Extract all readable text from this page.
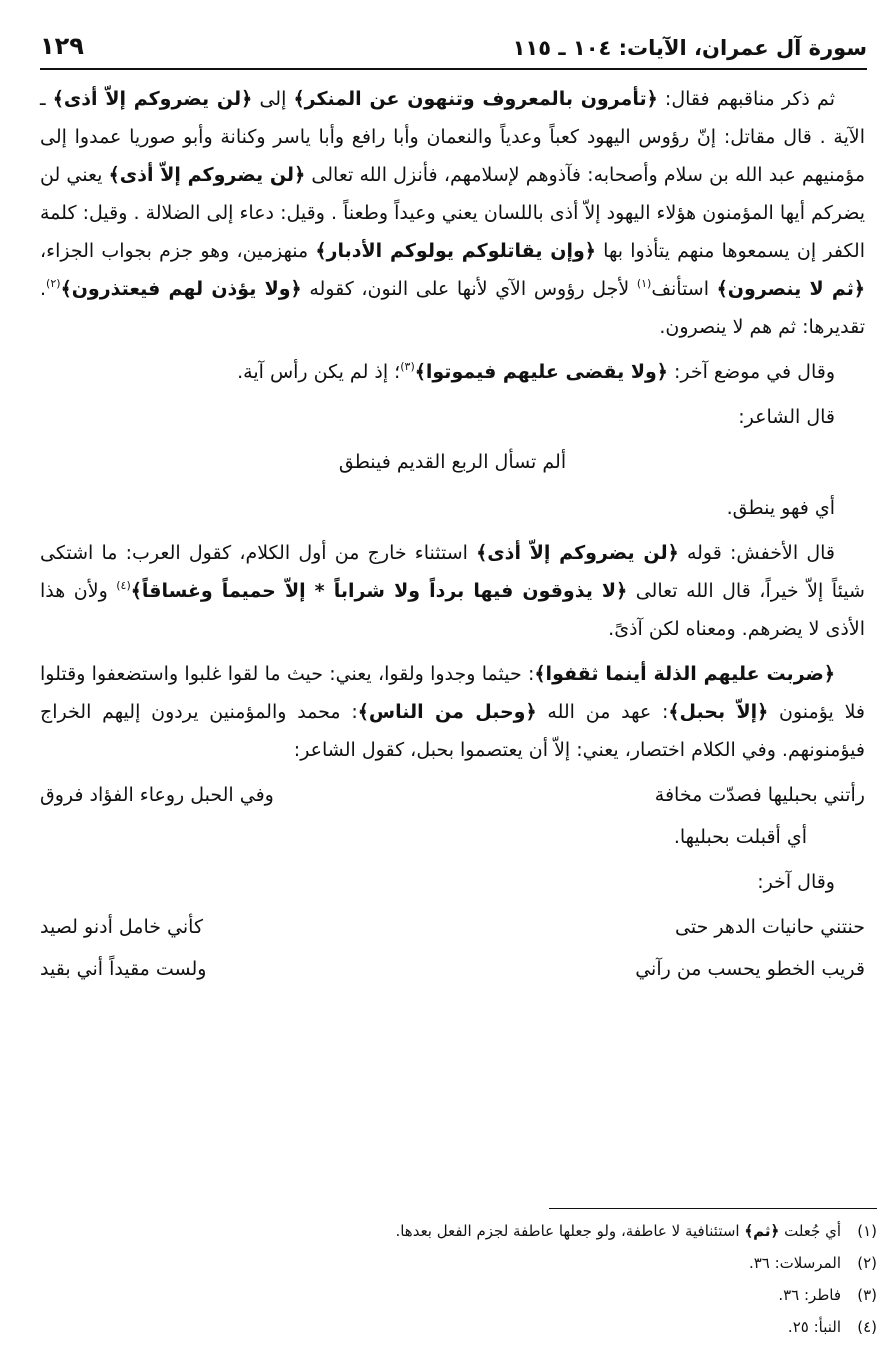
سورة آل عمران، الآيات: ١٠٤ ـ ١١٥
١٢٩

ثم ذكر مناقبهم فقال: ﴿تأمرون بالمعروف وتنهون عن المنكر﴾ إلى ﴿لن يضروكم إلاّ أذى﴾ ـ الآية . قال مقاتل: إنّ رؤوس اليهود كعباً وعدياً والنعمان وأبا رافع وأبا ياسر وكنانة وأبو صوريا عمدوا إلى مؤمنيهم عبد الله بن سلام وأصحابه: فآذوهم لإسلامهم، فأنزل الله تعالى ﴿لن يضروكم إلاّ أذى﴾ يعني لن يضركم أيها المؤمنون هؤلاء اليهود إلاّ أذى باللسان يعني وعيداً وطعناً . وقيل: دعاء إلى الضلالة . وقيل: كلمة الكفر إن يسمعوها منهم يتأذوا بها ﴿وإن يقاتلوكم يولوكم الأدبار﴾ منهزمين، وهو جزم بجواب الجزاء، ﴿ثم لا ينصرون﴾ استأنف$^{(١)}$ لأجل رؤوس الآي لأنها على النون، كقوله ﴿ولا يؤذن لهم فيعتذرون﴾$^{(٢)}$. تقديرها: ثم هم لا ينصرون.

وقال في موضع آخر: ﴿ولا يقضى عليهم فيموتوا﴾$^{(٣)}$؛ إذ لم يكن رأس آية.

قال الشاعر:

ألم تسأل الربع القديم فينطق

أي فهو ينطق.

قال الأخفش: قوله ﴿لن يضروكم إلاّ أذى﴾ استثناء خارج من أول الكلام، كقول العرب: ما اشتكى شيئاً إلاّ خيراً، قال الله تعالى ﴿لا يذوقون فيها برداً ولا شراباً * إلاّ حميماً وغساقاً﴾$^{(٤)}$ ولأن هذا الأذى لا يضرهم. ومعناه لكن آذىً.

﴿ضربت عليهم الذلة أينما ثقفوا﴾: حيثما وجدوا ولقوا، يعني: حيث ما لقوا غلبوا واستضعفوا وقتلوا فلا يؤمنون ﴿إلاّ بحبل﴾: عهد من الله ﴿وحبل من الناس﴾: محمد والمؤمنين يردون إليهم الخراج فيؤمنونهم. وفي الكلام اختصار، يعني: إلاّ أن يعتصموا بحبل، كقول الشاعر:

رأتني بحبليها فصدّت مخافة
وفي الحبل روعاء الفؤاد فروق

أي أقبلت بحبليها.

وقال آخر:

حنتني حانيات الدهر حتى
كأني خامل أدنو لصيد
قريب الخطو يحسب من رآني
ولست مقيداً أني بقيد
(١)أي جُعلت ﴿ثم﴾ استئنافية لا عاطفة، ولو جعلها عاطفة لجزم الفعل بعدها.
(٢)المرسلات: ٣٦.
(٣)فاطر: ٣٦.
(٤)النبأ: ٢٥.
